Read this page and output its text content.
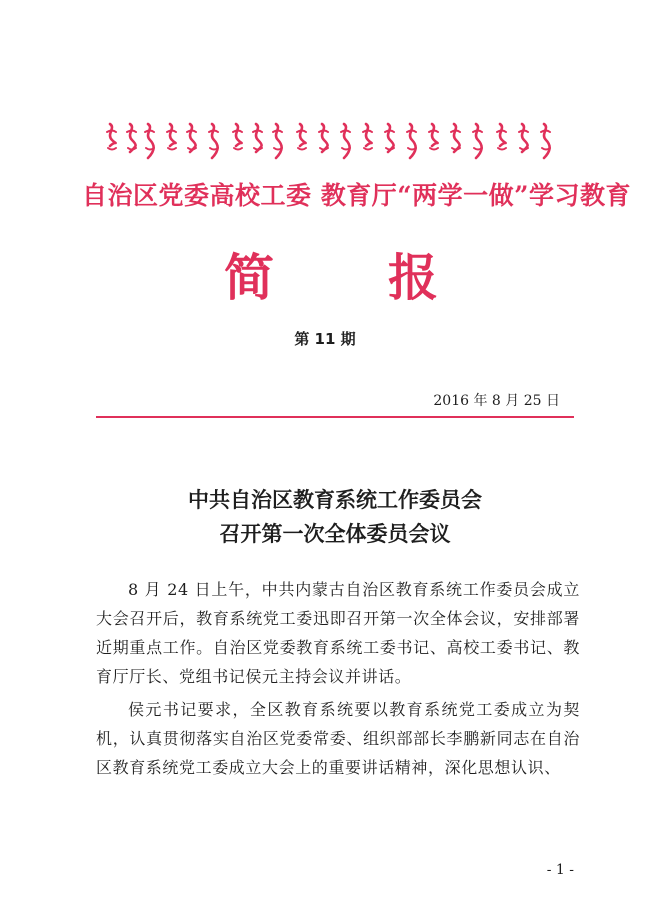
自治区党委高校工委 教育厅“两学一做”学习教育
简 报
第 11 期
2016 年 8 月 25 日
中共自治区教育系统工作委员会
召开第一次全体委员会议

8 月 24 日上午，中共内蒙古自治区教育系统工作委员会成立大会召开后，教育系统党工委迅即召开第一次全体会议，安排部署近期重点工作。自治区党委教育系统工委书记、高校工委书记、教育厅厅长、党组书记侯元主持会议并讲话。

侯元书记要求，全区教育系统要以教育系统党工委成立为契机，认真贯彻落实自治区党委常委、组织部部长李鹏新同志在自治区教育系统党工委成立大会上的重要讲话精神，深化思想认识、

- 1 -
